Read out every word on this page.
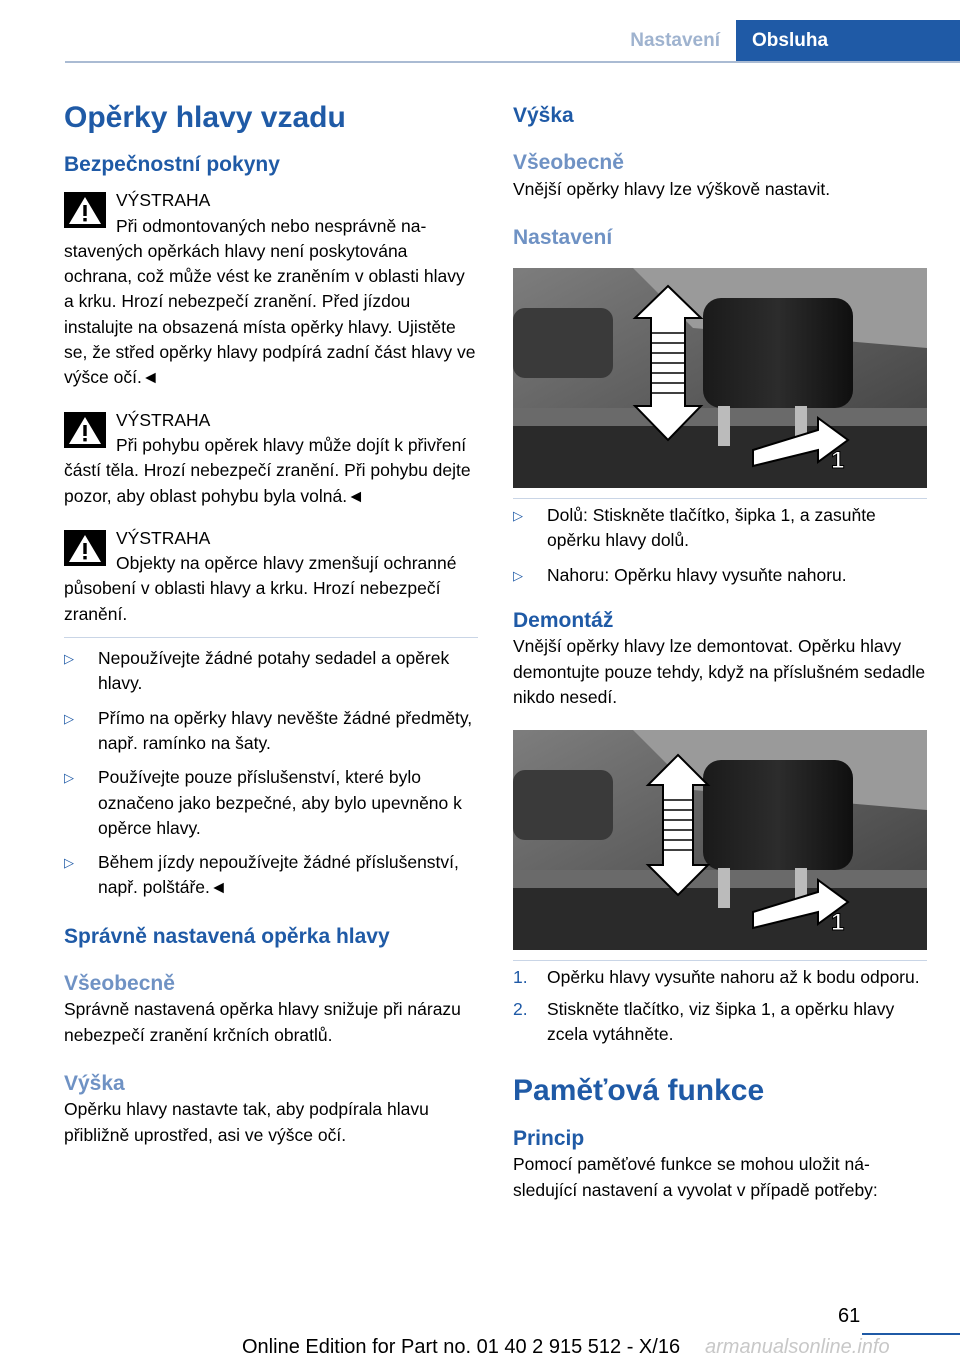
Nastavení	Obsluha
Opěrky hlavy vzadu
Bezpečnostní pokyny
VÝSTRAHA

Při odmontovaných nebo nesprávně nastavených opěrkách hlavy není poskytována ochrana, což může vést ke zraněním v oblasti hlavy a krku. Hrozí nebezpečí zranění. Před jízdou instalujte na obsazená místa opěrky hlavy. Ujistěte se, že střed opěrky hlavy podpírá zadní část hlavy ve výšce očí.◄

VÝSTRAHA

Při pohybu opěrek hlavy může dojít k přivření částí těla. Hrozí nebezpečí zranění. Při pohybu dejte pozor, aby oblast pohybu byla volná.◄

VÝSTRAHA

Objekty na opěrce hlavy zmenšují ochranné působení v oblasti hlavy a krku. Hrozí nebezpečí zranění.

▷ Nepoužívejte žádné potahy sedadel a opěrek hlavy.
▷ Přímo na opěrky hlavy nevěšte žádné předměty, např. ramínko na šaty.
▷ Používejte pouze příslušenství, které bylo označeno jako bezpečné, aby bylo upevněno k opěrce hlavy.
▷ Během jízdy nepoužívejte žádné příslušenství, např. polštáře.◄
Správně nastavená opěrka hlavy
Všeobecně

Správně nastavená opěrka hlavy snižuje při nárazu nebezpečí zranění krčních obratlů.

Výška

Opěrku hlavy nastavte tak, aby podpírala hlavu přibližně uprostřed, asi ve výšce očí.

Výška
Všeobecně

Vnější opěrky hlavy lze výškově nastavit.

Nastavení
1
▷ Dolů: Stiskněte tlačítko, šipka 1, a zasuňte opěrku hlavy dolů.
▷ Nahoru: Opěrku hlavy vysuňte nahoru.
Demontáž

Vnější opěrky hlavy lze demontovat. Opěrku hlavy demontujte pouze tehdy, když na příslušném sedadle nikdo nesedí.

1
1. Opěrku hlavy vysuňte nahoru až k bodu odporu.
2. Stiskněte tlačítko, viz šipka 1, a opěrku hlavy zcela vytáhněte.
Paměťová funkce
Princip

Pomocí paměťové funkce se mohou uložit následující nastavení a vyvolat v případě potřeby:

61
Online Edition for Part no. 01 40 2 915 512 - X/16 armanualsonline.info
